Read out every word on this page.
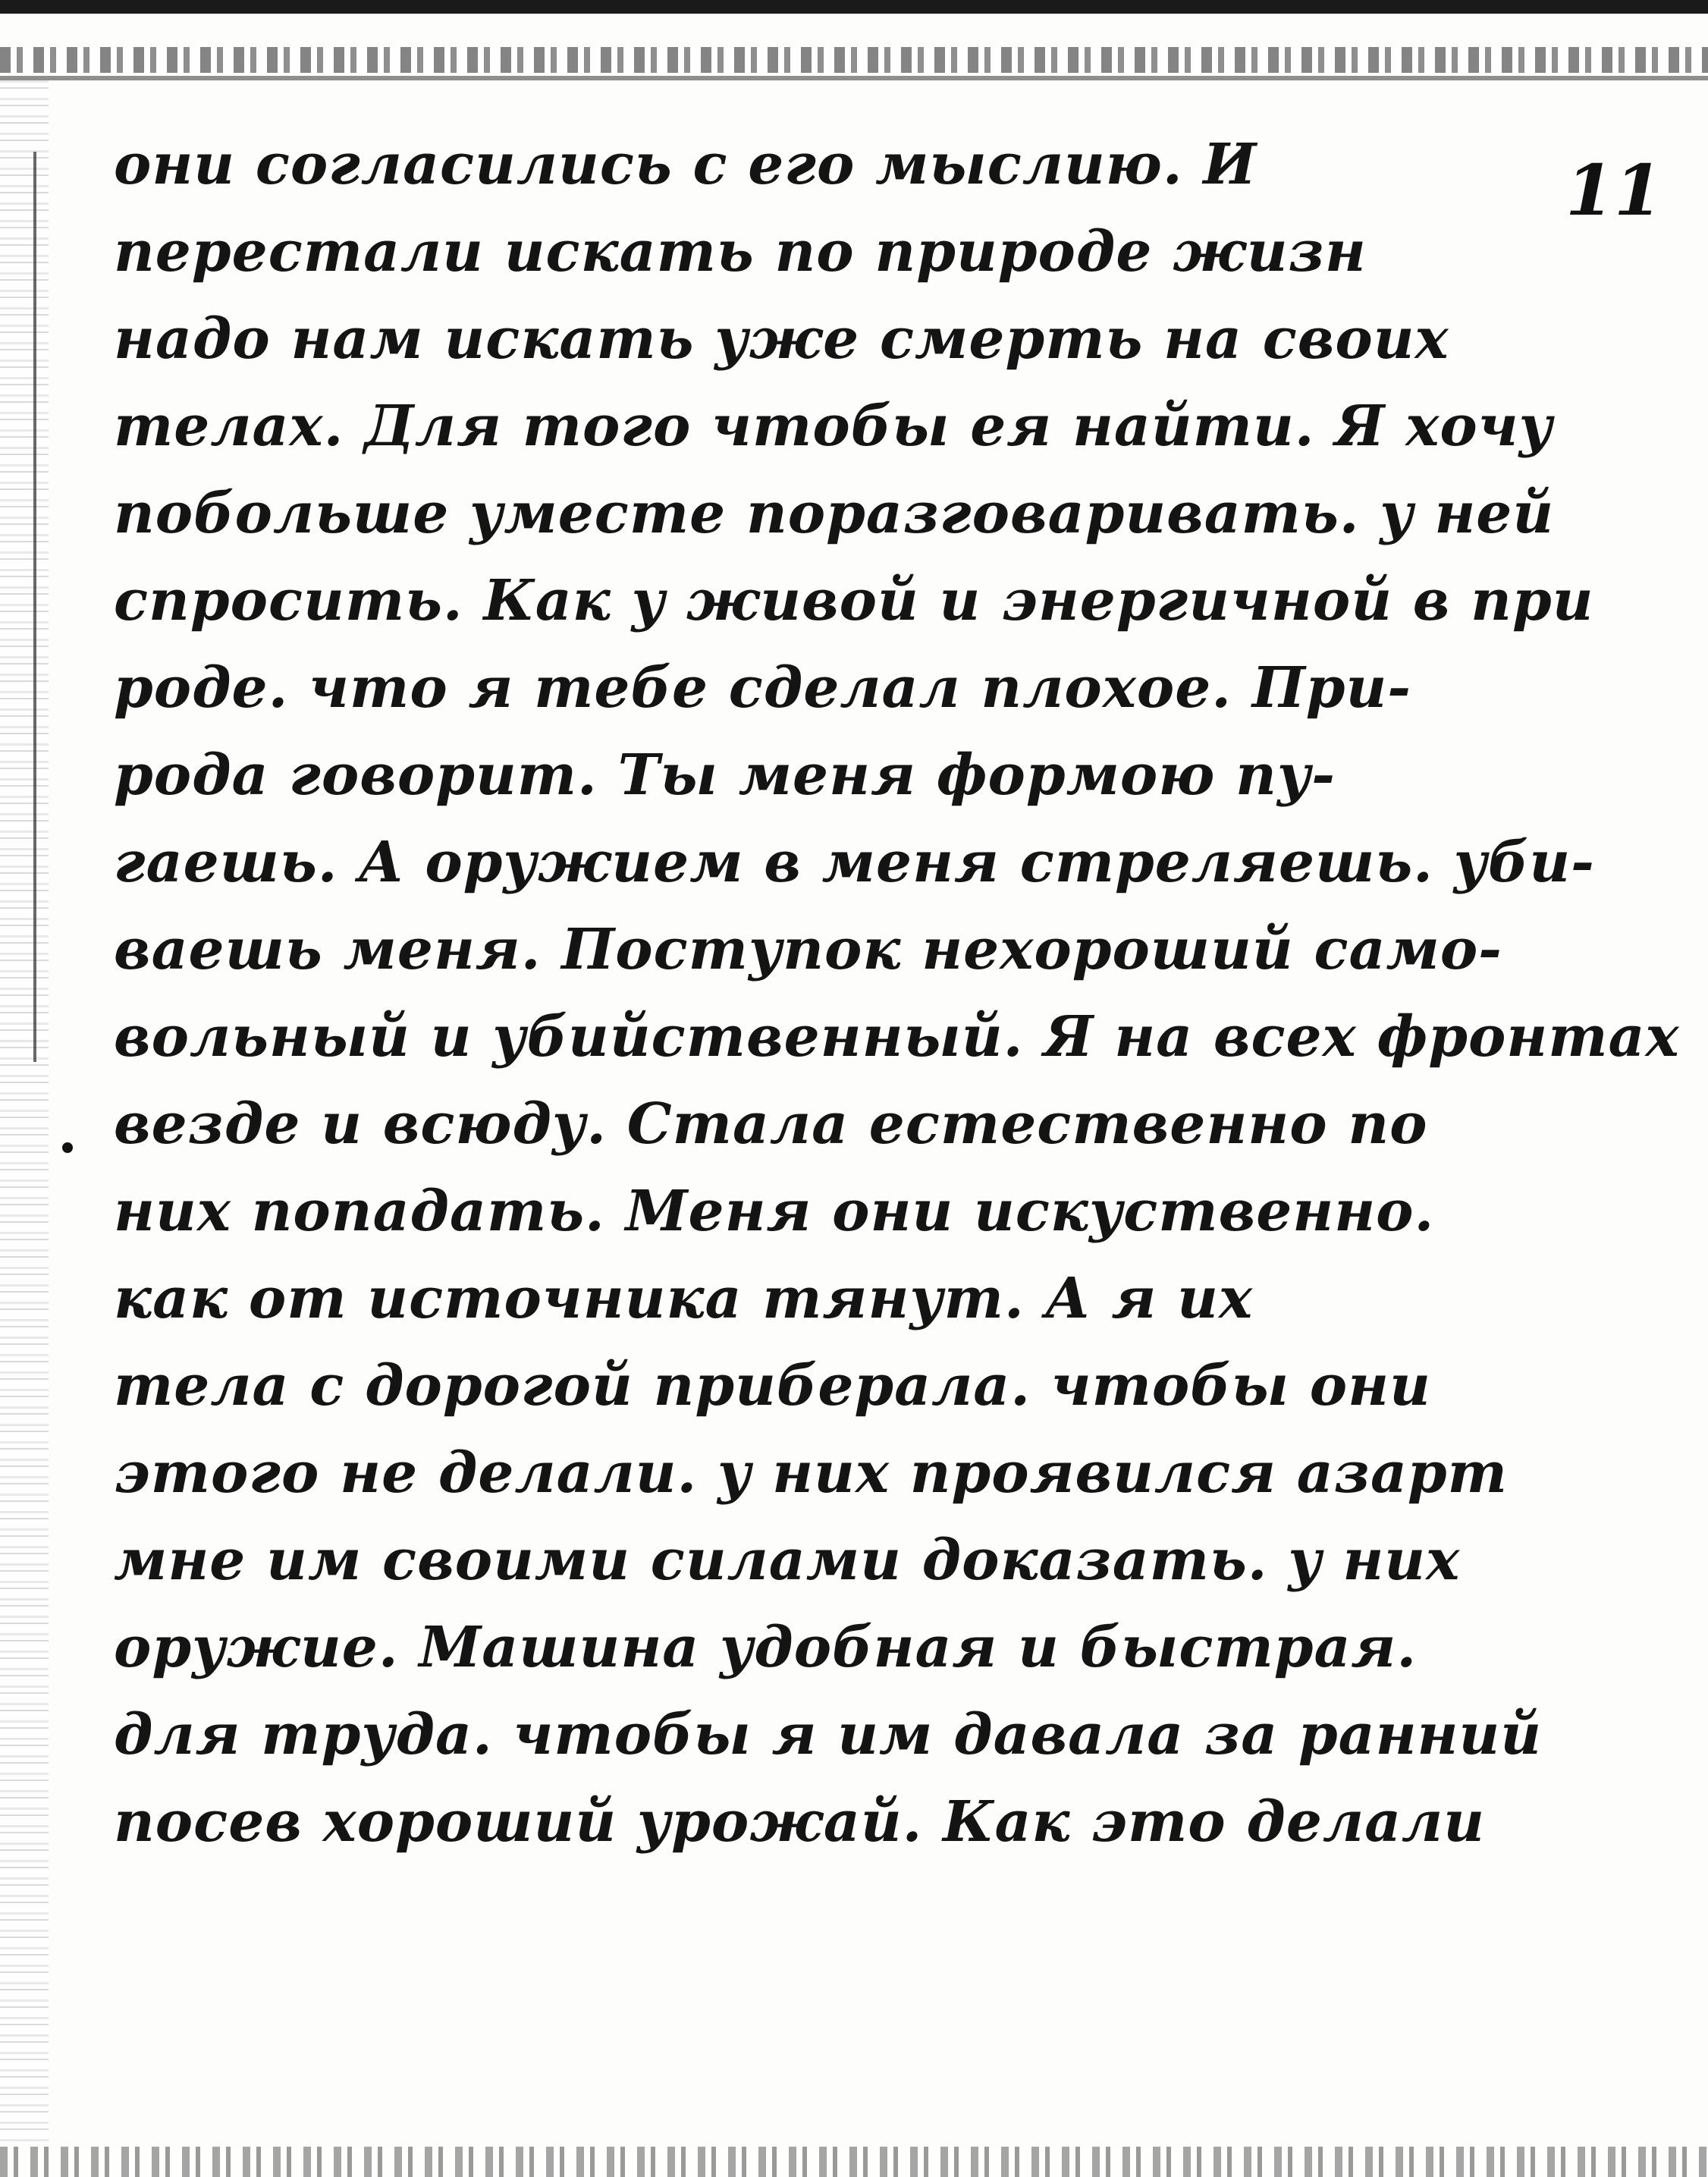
11
они согласились с его мыслию. И
перестали искать по природе жизн
надо нам искать уже смерть на своих
телах. Для того чтобы ея найти. Я хочу
побольше уместе поразговаривать. у ней
спросить. Как у живой и энергичной в при
роде. что я тебе сделал плохое. При-
рода говорит. Ты меня формою пу-
гаешь. А оружием в меня стреляешь. уби-
ваешь меня. Поступок нехороший само-
вольный и убийственный. Я на всех фронтах
везде и всюду. Стала естественно по
них попадать. Меня они искуственно.
как от источника тянут. А я их
тела с дорогой приберала. чтобы они
этого не делали. у них проявился азарт
мне им своими силами доказать. у них
оружие. Машина удобная и быстрая.
для труда. чтобы я им давала за ранний
посев хороший урожай. Как это делали
